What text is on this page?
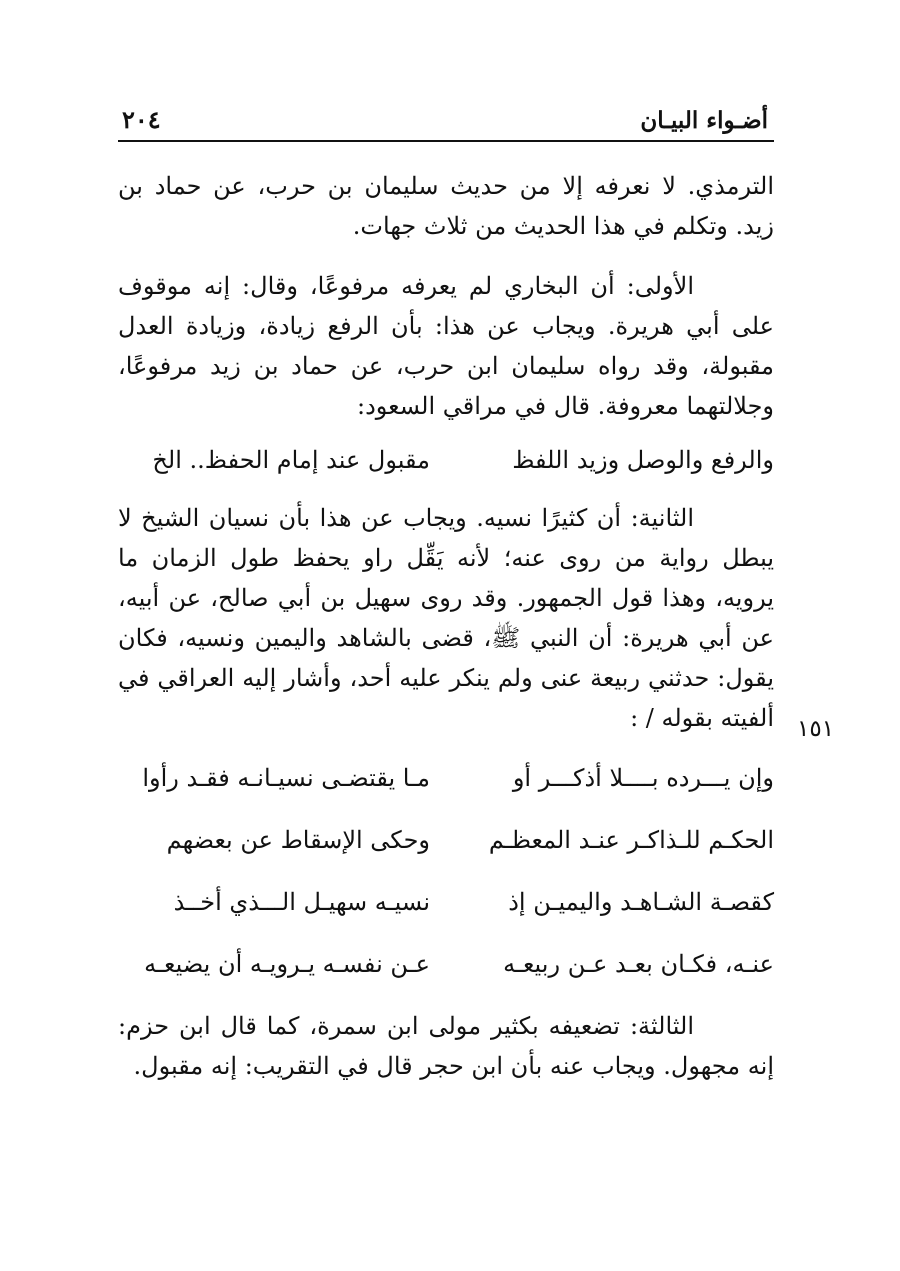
أضـواء البيـان
٢٠٤

الترمذي. لا نعرفه إلا من حديث سليمان بن حرب، عن حماد بن زيد. وتكلم في هذا الحديث من ثلاث جهات.

الأولى: أن البخاري لم يعرفه مرفوعًا، وقال: إنه موقوف على أبي هريرة. ويجاب عن هذا: بأن الرفع زيادة، وزيادة العدل مقبولة، وقد رواه سليمان ابن حرب، عن حماد بن زيد مرفوعًا، وجلالتهما معروفة. قال في مراقي السعود:

والرفع والوصل وزيد اللفظ
مقبول عند إمام الحفظ.. الخ

الثانية: أن كثيرًا نسيه. ويجاب عن هذا بأن نسيان الشيخ لا يبطل رواية من روى عنه؛ لأنه يَقِّل راو يحفظ طول الزمان ما يرويه، وهذا قول الجمهور. وقد روى سهيل بن أبي صالح، عن أبيه، عن أبي هريرة: أن النبي ﷺ، قضى بالشاهد واليمين ونسيه، فكان يقول: حدثني ربيعة عنى ولم ينكر عليه أحد، وأشار إليه العراقي في ألفيته بقوله / :

وإن يـــرده بــــلا أذكـــر أو
مـا يقتضـى نسيـانـه فقـد رأوا
الحكـم للـذاكـر عنـد المعظـم
وحكى الإسقاط عن بعضهم
كقصـة الشـاهـد واليميـن إذ
نسيـه سهيـل الـــذي أخــذ
عنـه، فكـان بعـد عـن ربيعـه
عـن نفسـه يـرويـه أن يضيعـه

الثالثة: تضعيفه بكثير مولى ابن سمرة، كما قال ابن حزم: إنه مجهول. ويجاب عنه بأن ابن حجر قال في التقريب: إنه مقبول.

١٥١
